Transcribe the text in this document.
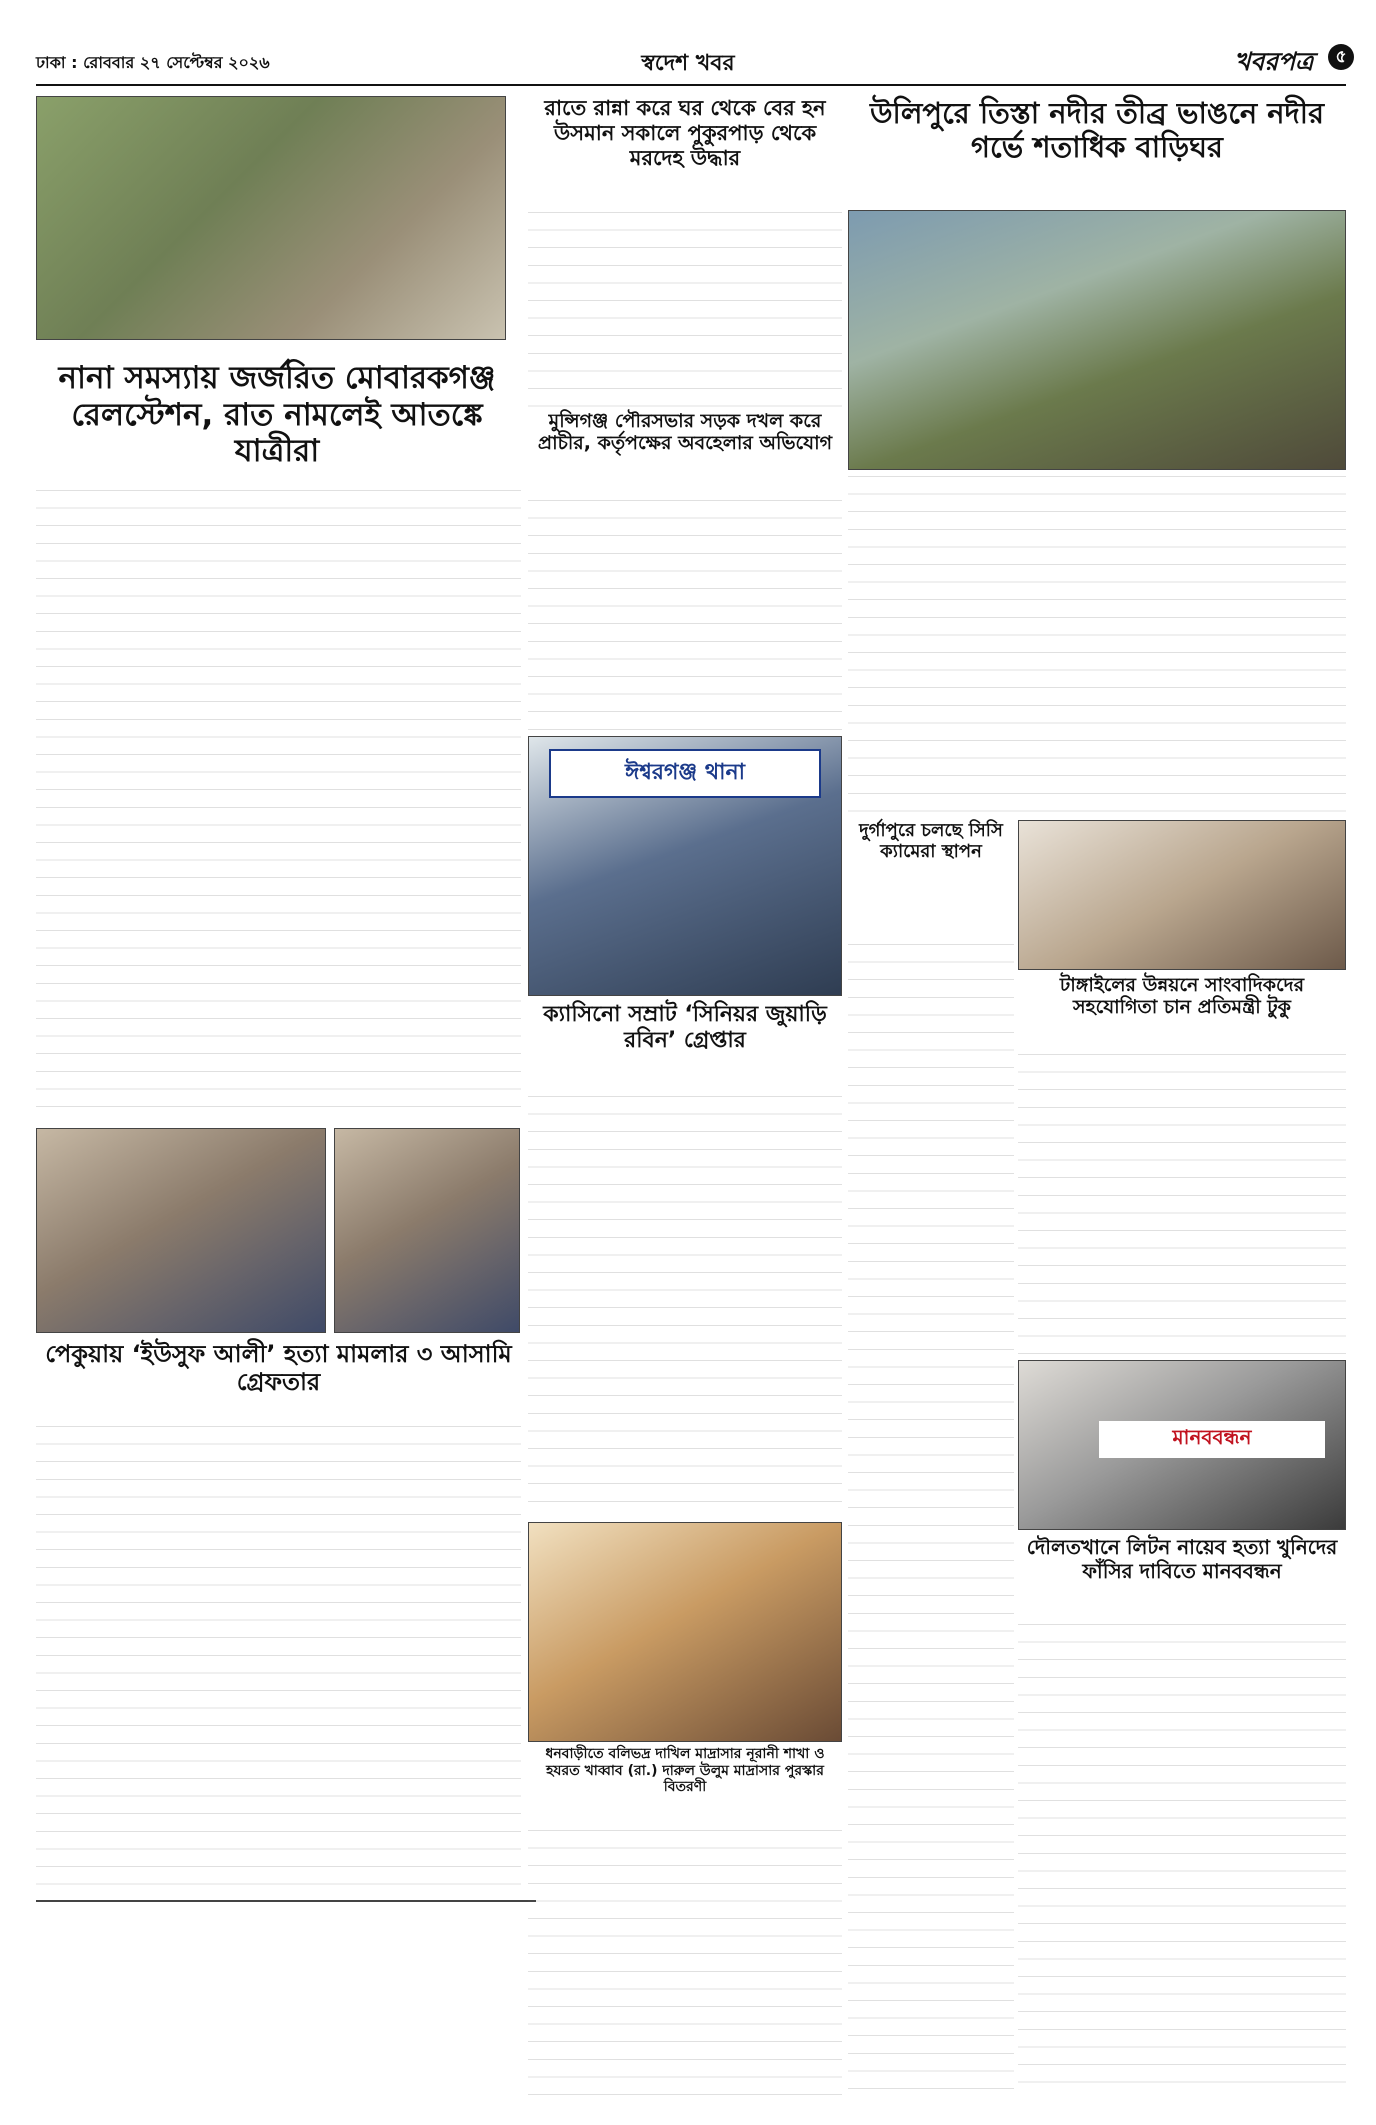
ঢাকা : রোববার ২৭ সেপ্টেম্বর ২০২৬	স্বদেশ খবর	খবরপত্র	৫
নানা সমস্যায় জর্জরিত মোবারকগঞ্জ রেলস্টেশন, রাত নামলেই আতঙ্কে যাত্রীরা
পেকুয়ায় ‘ইউসুফ আলী’ হত্যা মামলার ৩ আসামি গ্রেফতার
রাতে রান্না করে ঘর থেকে বের হন উসমান সকালে পুকুরপাড় থেকে মরদেহ উদ্ধার
মুন্সিগঞ্জ পৌরসভার সড়ক দখল করে প্রাচীর, কর্তৃপক্ষের অবহেলার অভিযোগ
ঈশ্বরগঞ্জ থানা
ক্যাসিনো সম্রাট ‘সিনিয়র জুয়াড়ি রবিন’ গ্রেপ্তার
ধনবাড়ীতে বলিভদ্র দাখিল মাদ্রাসার নূরানী শাখা ও হযরত খাব্বাব (রা.) দারুল উলুম মাদ্রাসার পুরস্কার বিতরণী
উলিপুরে তিস্তা নদীর তীব্র ভাঙনে নদীর গর্ভে শতাধিক বাড়িঘর
টাঙ্গাইলের উন্নয়নে সাংবাদিকদের সহযোগিতা চান প্রতিমন্ত্রী টুকু
দুর্গাপুরে চলছে সিসি ক্যামেরা স্থাপন
মানববন্ধন
দৌলতখানে লিটন নায়েব হত্যা খুনিদের ফাঁসির দাবিতে মানববন্ধন
